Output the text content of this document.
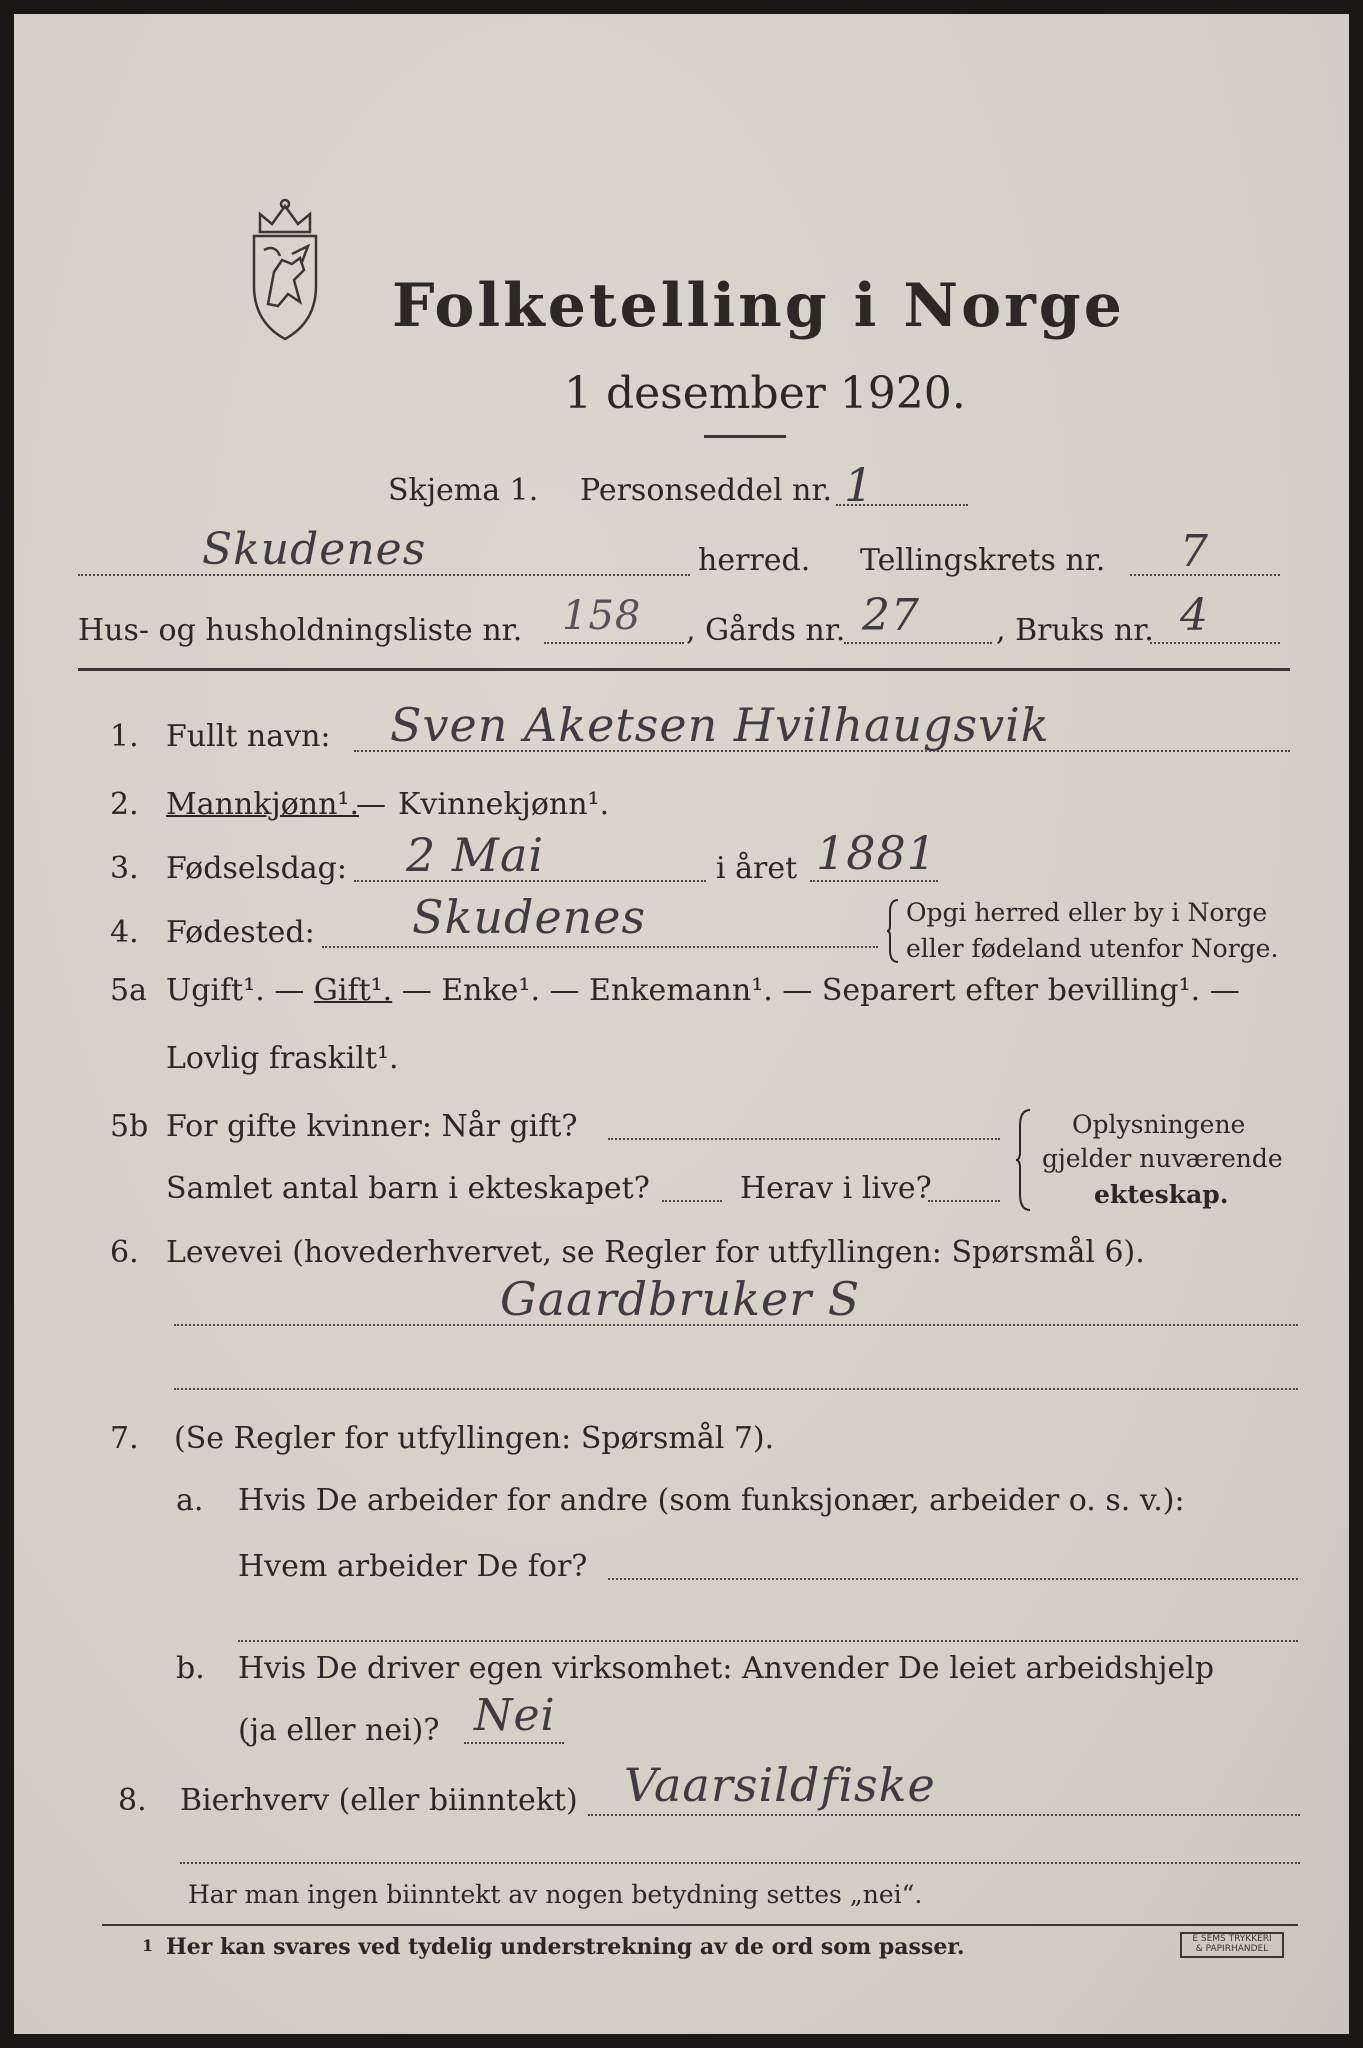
Folketelling i Norge
1 desember 1920.
Skjema 1. Personseddel nr. 1
Skudenes	herred. Tellingskrets nr. 7
Hus- og husholdningsliste nr. 158 , Gårds nr. 27	, Bruks nr. 4
1. Fullt navn: Sven Aketsen Hvilhaugsvik
2. Mannkjønn¹.
— Kvinnekjønn¹.
3. Fødselsdag: 2 Mai	i året 1881
4. Fødested: Skudenes	Opgi herred eller by i Norge
eller fødeland utenfor Norge.
5a Ugift¹. — Gift¹. — Enke¹. — Enkemann¹. — Separert efter bevilling¹. —
Lovlig fraskilt¹.
5b For gifte kvinner: Når gift?
Samlet antal barn i ekteskapet?	Herav i live?
Oplysningene
gjelder nuværende
ekteskap.
6. Levevei (hovederhvervet, se Regler for utfyllingen: Spørsmål 6).
Gaardbruker S
7. (Se Regler for utfyllingen: Spørsmål 7).
a. Hvis De arbeider for andre (som funksjonær, arbeider o. s. v.):
Hvem arbeider De for?
b. Hvis De driver egen virksomhet: Anvender De leiet arbeidshjelp
(ja eller nei)? Nei
8. Bierhverv (eller biinntekt) Vaarsildfiske
Har man ingen biinntekt av nogen betydning settes „nei“.
1 Her kan svares ved tydelig understrekning av de ord som passer.	E SEMS TRYKKERI
& PAPIRHANDEL
